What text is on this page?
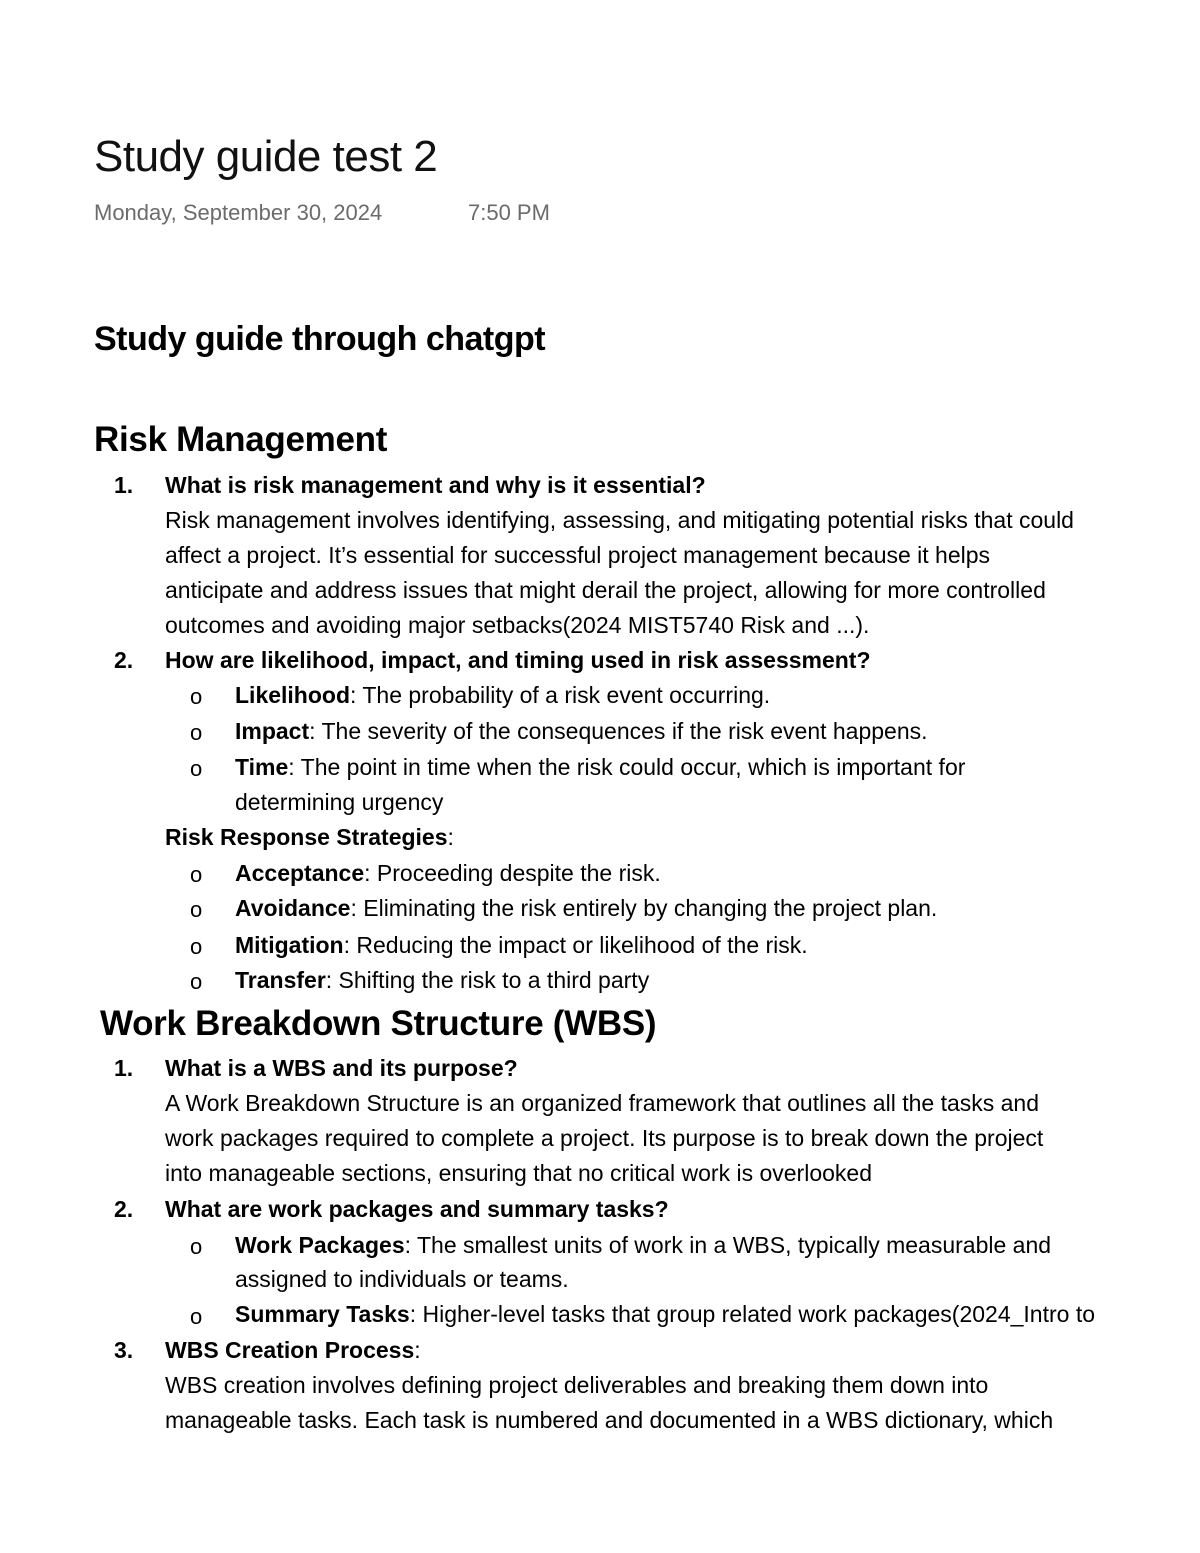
Study guide test 2
Monday, September 30, 2024	7:50 PM
Study guide through chatgpt
Risk Management
1. What is risk management and why is it essential?
Risk management involves identifying, assessing, and mitigating potential risks that could
affect a project. It’s essential for successful project management because it helps
anticipate and address issues that might derail the project, allowing for more controlled
outcomes and avoiding major setbacks(2024 MIST5740 Risk and ...).
2. How are likelihood, impact, and timing used in risk assessment?
o Likelihood: The probability of a risk event occurring.
o Impact: The severity of the consequences if the risk event happens.
o Time: The point in time when the risk could occur, which is important for
determining urgency
Risk Response Strategies:
o Acceptance: Proceeding despite the risk.
o Avoidance: Eliminating the risk entirely by changing the project plan.
o Mitigation: Reducing the impact or likelihood of the risk.
o Transfer: Shifting the risk to a third party
Work Breakdown Structure (WBS)
1. What is a WBS and its purpose?
A Work Breakdown Structure is an organized framework that outlines all the tasks and
work packages required to complete a project. Its purpose is to break down the project
into manageable sections, ensuring that no critical work is overlooked
2. What are work packages and summary tasks?
o Work Packages: The smallest units of work in a WBS, typically measurable and
assigned to individuals or teams.
o Summary Tasks: Higher-level tasks that group related work packages(2024_Intro to
3. WBS Creation Process:
WBS creation involves defining project deliverables and breaking them down into
manageable tasks. Each task is numbered and documented in a WBS dictionary, which
